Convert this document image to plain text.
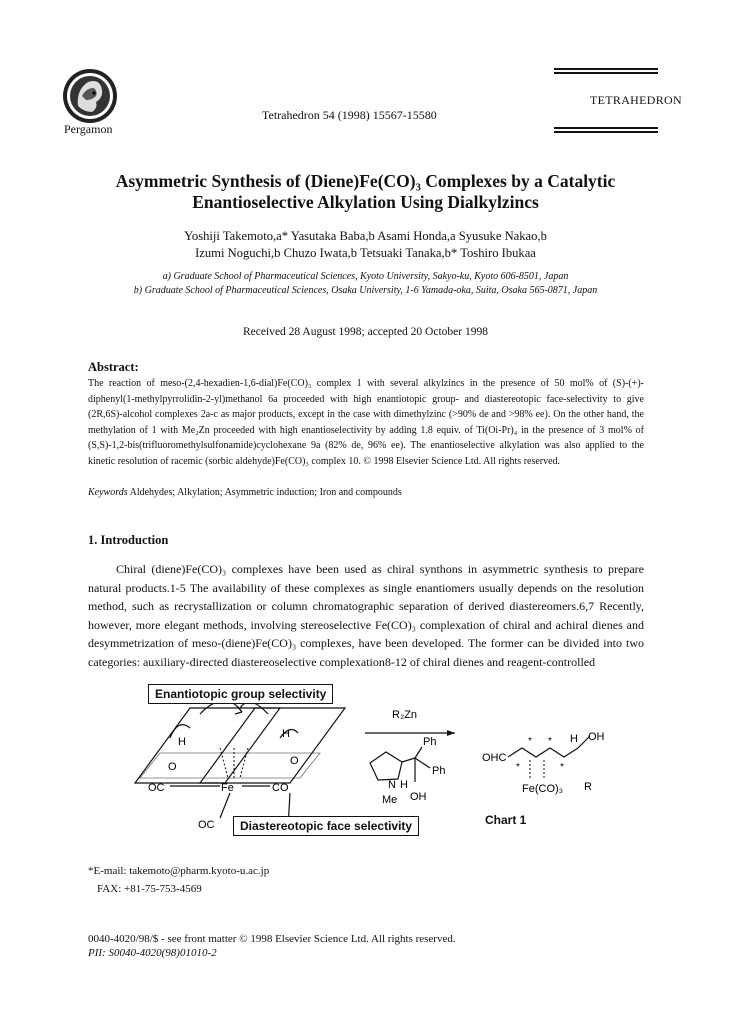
Pergamon
Tetrahedron 54 (1998) 15567-15580
TETRAHEDRON
Asymmetric Synthesis of (Diene)Fe(CO)₃ Complexes by a Catalytic Enantioselective Alkylation Using Dialkylzincs
Yoshiji Takemoto,a* Yasutaka Baba,b Asami Honda,a Syusuke Nakao,b
Izumi Noguchi,b Chuzo Iwata,b Tetsuaki Tanaka,b* Toshiro Ibukaa
a) Graduate School of Pharmaceutical Sciences, Kyoto University, Sakyo-ku, Kyoto 606-8501, Japan
b) Graduate School of Pharmaceutical Sciences, Osaka University, 1-6 Yamada-oka, Suita, Osaka 565-0871, Japan
Received 28 August 1998; accepted 20 October 1998
Abstract:
The reaction of meso-(2,4-hexadien-1,6-dial)Fe(CO)₃ complex 1 with several alkylzincs in the presence of 50 mol% of (S)-(+)-diphenyl(1-methylpyrrolidin-2-yl)methanol 6a proceeded with high enantiotopic group- and diastereotopic face-selectivity to give (2R,6S)-alcohol complexes 2a-c as major products, except in the case with dimethylzinc (>90% de and >98% ee). On the other hand, the methylation of 1 with Me₂Zn proceeded with high enantioselectivity by adding 1.8 equiv. of Ti(Oi-Pr)₄ in the presence of 3 mol% of (S,S)-1,2-bis(trifluoromethylsulfonamide)cyclohexane 9a (82% de, 96% ee). The enantioselective alkylation was also applied to the kinetic resolution of racemic (sorbic aldehyde)Fe(CO)₃ complex 10. © 1998 Elsevier Science Ltd. All rights reserved.
Keywords Aldehydes; Alkylation; Asymmetric induction; Iron and compounds
1. Introduction
Chiral (diene)Fe(CO)₃ complexes have been used as chiral synthons in asymmetric synthesis to prepare natural products.1-5 The availability of these complexes as single enantiomers usually depends on the resolution method, such as recrystallization or column chromatographic separation of derived diastereomers.6,7 Recently, however, more elegant methods, involving stereoselective Fe(CO)₃ complexation of chiral and achiral dienes and desymmetrization of meso-(diene)Fe(CO)₃ complexes, have been developed. The former can be divided into two categories: auxiliary-directed diastereoselective complexation8-12 of chiral dienes and reagent-controlled
H
O
H
O
OC	Fe	CO
OC
R₂Zn
Ph
Ph
N H
Me OH
OHC
* *
*	*
H OH
Fe(CO)₃ R
Enantiotopic group selectivity
Diastereotopic face selectivity	Chart 1
*E-mail: takemoto@pharm.kyoto-u.ac.jp
FAX: +81-75-753-4569
0040-4020/98/$ - see front matter © 1998 Elsevier Science Ltd. All rights reserved.
PII: S0040-4020(98)01010-2
